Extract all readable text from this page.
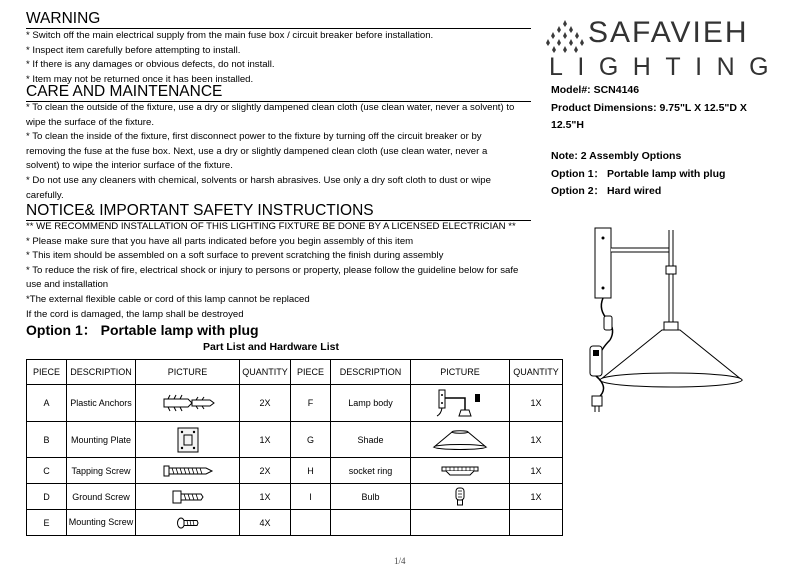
WARNING
* Switch off the main electrical supply from the main fuse box / circuit breaker before installation.
* Inspect item carefully before attempting to install.
* If there is any damages or obvious defects, do not install.
* Item may not be returned once it has been installed.
CARE AND MAINTENANCE
* To clean the outside of the fixture, use a dry or slightly dampened clean cloth (use clean water, never a solvent) to wipe the surface of the fixture.
* To clean the inside of the fixture, first disconnect power to the fixture by turning off the circuit breaker or by removing the fuse at the fuse box. Next, use a dry or slightly dampened clean cloth (use clean water, never a solvent) to wipe the interior surface of the fixture.
* Do not use any cleaners with chemical, solvents or harsh abrasives. Use only a dry soft cloth to dust or wipe carefully.
NOTICE& IMPORTANT SAFETY INSTRUCTIONS
** WE RECOMMEND INSTALLATION OF THIS LIGHTING FIXTURE BE DONE BY A LICENSED ELECTRICIAN **
* Please make sure that you have all parts indicated before you begin assembly of this item
* This item should be assembled on a soft surface to prevent scratching the finish during assembly
* To reduce the risk of fire, electrical shock or injury to persons or property, please follow the guideline below for safe use and installation
*The external flexible cable or cord of this lamp cannot be replaced
If the cord is damaged, the lamp shall be destroyed
Option 1： Portable lamp with plug
Part List and Hardware List
PIECE	DESCRIPTION	PICTURE	QUANTITY	PIECE	DESCRIPTION	PICTURE	QUANTITY
A	Plastic Anchors		2X	F	Lamp body		1X
B	Mounting Plate		1X	G	Shade		1X
C	Tapping Screw		2X	H	socket ring		1X
D	Ground Screw		1X	I	Bulb		1X
E	Mounting Screw		4X				
SAFAVIEH
LIGHTING
Model#: SCN4146
Product Dimensions: 9.75"L X 12.5"D X 12.5"H
Note: 2 Assembly Options
Option 1： Portable lamp with plug
Option 2： Hard wired
1/4
